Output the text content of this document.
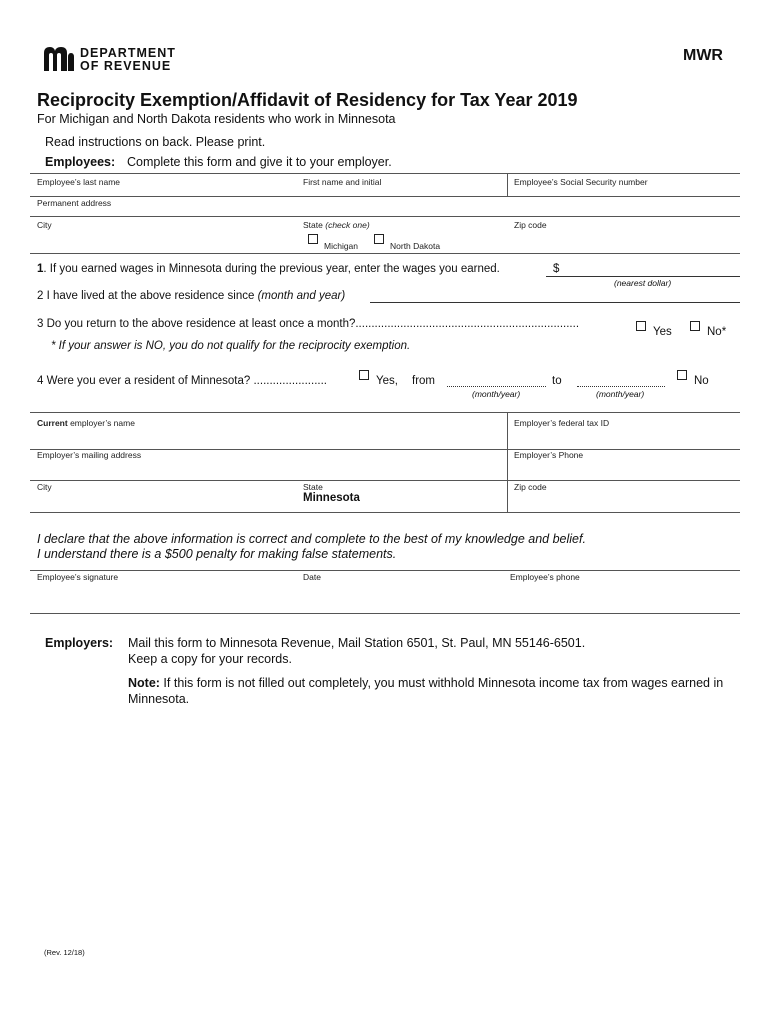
DEPARTMENT
OF REVENUE
MWR
Reciprocity Exemption/Affidavit of Residency for Tax Year 2019
For Michigan and North Dakota residents who work in Minnesota
Read instructions on back. Please print.
Employees: Complete this form and give it to your employer.
Employee’s last name	First name and initial	Employee’s Social Security number
Permanent address
City	State (check one)	Zip code
Michigan	North Dakota
1. If you earned wages in Minnesota during the previous year, enter the wages you earned.	$
(nearest dollar)
2 I have lived at the above residence since (month and year)
3 Do you return to the above residence at least once a month?......................................................................
Yes	No*
* If your answer is NO, you do not qualify for the reciprocity exemption.
4 Were you ever a resident of Minnesota? .......................	Yes, from
(month/year)
to
(month/year)
No
Current employer’s name	Employer’s federal tax ID
Employer’s mailing address	Employer’s Phone
City	State
Minnesota
Zip code
I declare that the above information is correct and complete to the best of my knowledge and belief.
I understand there is a $500 penalty for making false statements.
Employee’s signature	Date	Employee’s phone
Employers: Mail this form to Minnesota Revenue, Mail Station 6501, St. Paul, MN 55146-6501.
Keep a copy for your records.
Note: If this form is not filled out completely, you must withhold Minnesota income tax from wages earned in
Minnesota.
(Rev. 12/18)
